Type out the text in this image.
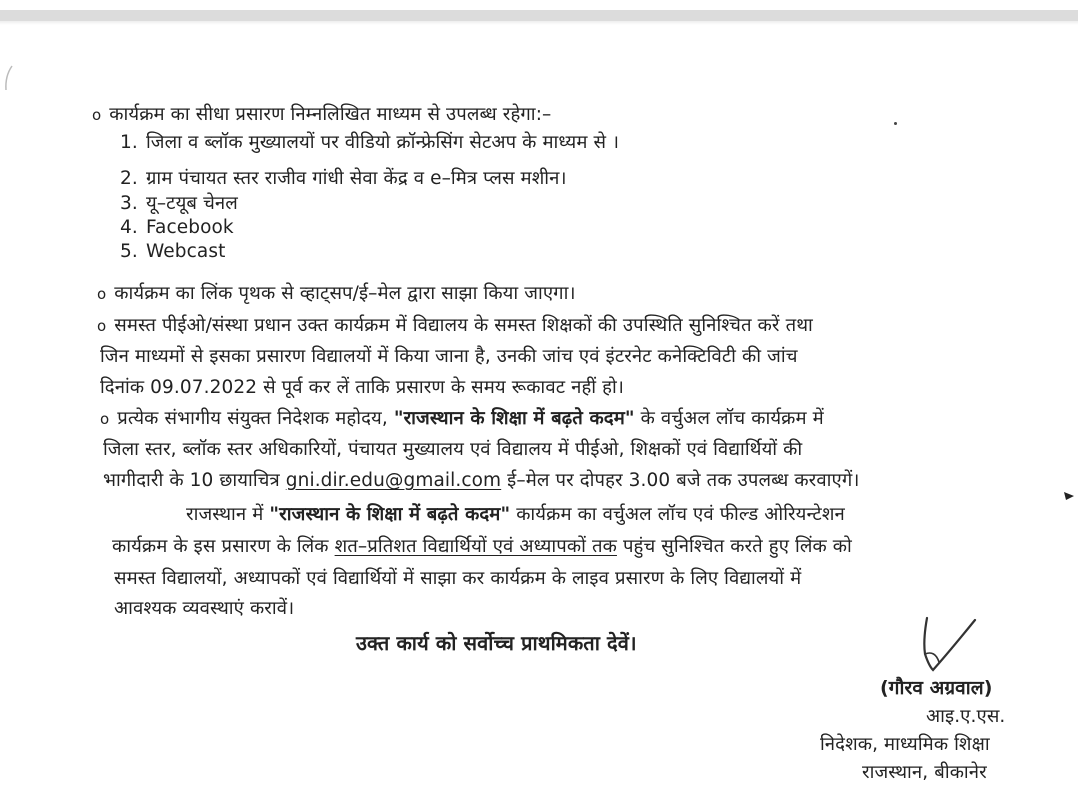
o कार्यक्रम का सीधा प्रसारण निम्नलिखित माध्यम से उपलब्ध रहेगा:–
1. जिला व ब्लॉक मुख्यालयों पर वीडियो क्रॉन्फ्रेसिंग सेटअप के माध्यम से ।
2. ग्राम पंचायत स्तर राजीव गांधी सेवा केंद्र व e–मित्र प्लस मशीन।
3. यू–टयूब चेनल
4. Facebook
5. Webcast
o कार्यक्रम का लिंक पृथक से व्हाट्सप/ई–मेल द्वारा साझा किया जाएगा।
o समस्त पीईओ/संस्था प्रधान उक्त कार्यक्रम में विद्यालय के समस्त शिक्षकों की उपस्थिति सुनिश्चित करें तथा
जिन माध्यमों से इसका प्रसारण विद्यालयों में किया जाना है, उनकी जांच एवं इंटरनेट कनेक्टिविटी की जांच
दिनांक 09.07.2022 से पूर्व कर लें ताकि प्रसारण के समय रूकावट नहीं हो।
o प्रत्येक संभागीय संयुक्त निदेशक महोदय, "राजस्थान के शिक्षा में बढ़ते कदम" के वर्चुअल लॉच कार्यक्रम में
जिला स्तर, ब्लॉक स्तर अधिकारियों, पंचायत मुख्यालय एवं विद्यालय में पीईओ, शिक्षकों एवं विद्यार्थियों की
भागीदारी के 10 छायाचित्र gni.dir.edu@gmail.com ई–मेल पर दोपहर 3.00 बजे तक उपलब्ध करवाएगें।
राजस्थान में "राजस्थान के शिक्षा में बढ़ते कदम" कार्यक्रम का वर्चुअल लॉच एवं फील्ड ओरियन्टेशन
कार्यक्रम के इस प्रसारण के लिंक शत–प्रतिशत विद्यार्थियों एवं अध्यापकों तक पहुंच सुनिश्चित करते हुए लिंक को
समस्त विद्यालयों, अध्यापकों एवं विद्यार्थियों में साझा कर कार्यक्रम के लाइव प्रसारण के लिए विद्यालयों में
आवश्यक व्यवस्थाएं करावें।
उक्त कार्य को सर्वोच्च प्राथमिकता देवें।
(गौरव अग्रवाल)
आइ.ए.एस.
निदेशक, माध्यमिक शिक्षा
राजस्थान, बीकानेर
